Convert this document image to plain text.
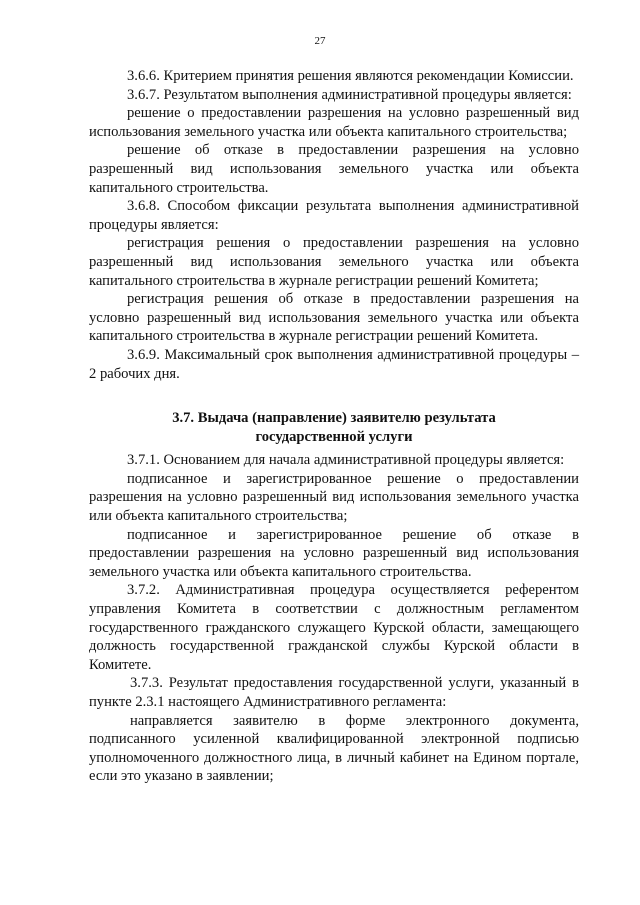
27

3.6.6. Критерием принятия решения являются рекомендации Комиссии.

3.6.7. Результатом выполнения административной процедуры является:

решение о предоставлении разрешения на условно разрешенный вид использования земельного участка или объекта капитального строительства;

решение об отказе в предоставлении разрешения на условно разрешенный вид использования земельного участка или объекта капитального строительства.

3.6.8. Способом фиксации результата выполнения административной процедуры является:

регистрация решения о предоставлении разрешения на условно разрешенный вид использования земельного участка или объекта капитального строительства в журнале регистрации решений Комитета;

регистрация решения об отказе в предоставлении разрешения на условно разрешенный вид использования земельного участка или объекта капитального строительства в журнале регистрации решений Комитета.

3.6.9. Максимальный срок выполнения административной процедуры – 2 рабочих дня.

3.7. Выдача (направление) заявителю результата
государственной услуги

3.7.1. Основанием для начала административной процедуры является:

подписанное и зарегистрированное решение о предоставлении разрешения на условно разрешенный вид использования земельного участка или объекта капитального строительства;

подписанное и зарегистрированное решение об отказе в предоставлении разрешения на условно разрешенный вид использования земельного участка или объекта капитального строительства.

3.7.2. Административная процедура осуществляется референтом управления Комитета в соответствии с должностным регламентом государственного гражданского служащего Курской области, замещающего должность государственной гражданской службы Курской области в Комитете.

3.7.3. Результат предоставления государственной услуги, указанный в пункте 2.3.1 настоящего Административного регламента:

направляется заявителю в форме электронного документа, подписанного усиленной квалифицированной электронной подписью уполномоченного должностного лица, в личный кабинет на Едином портале, если это указано в заявлении;
